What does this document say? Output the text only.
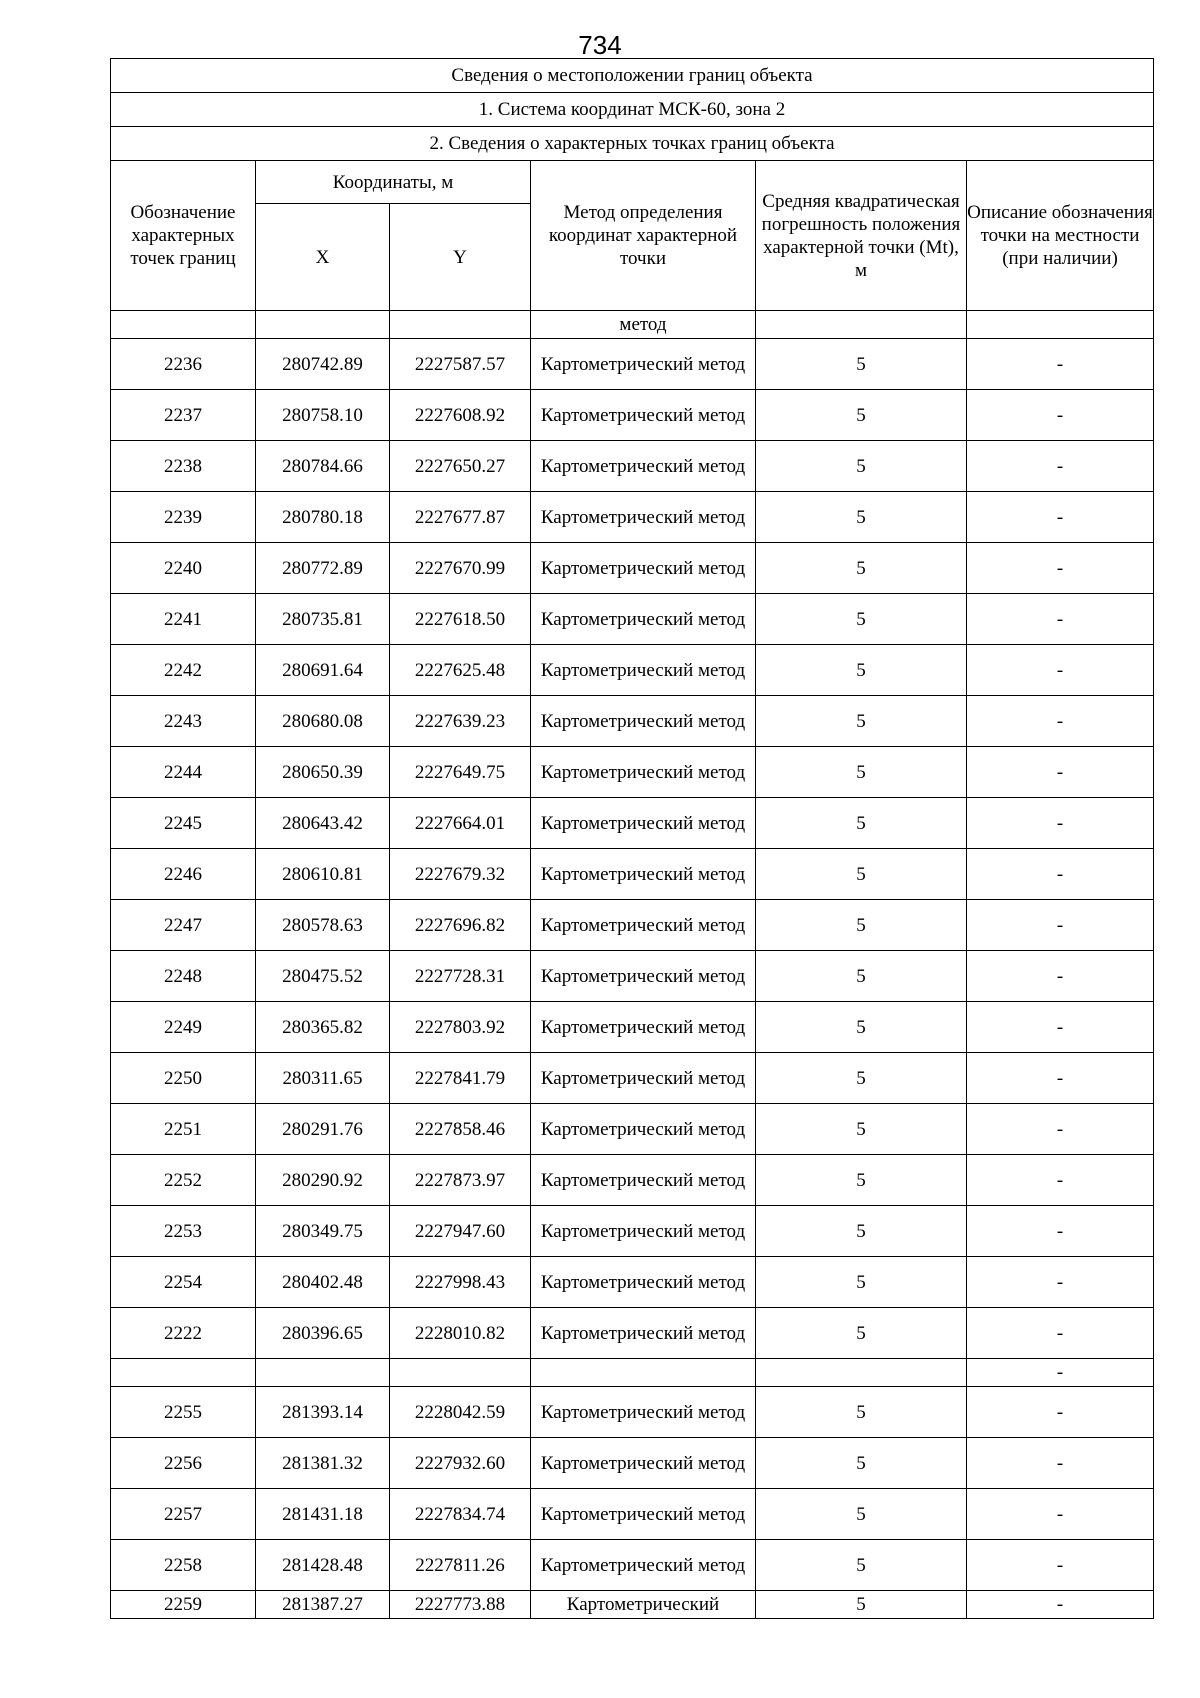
734
Сведения о местоположении границ объекта					
1. Система координат МСК-60, зона 2					
2. Сведения о характерных точках границ объекта					
Обозначение характерных точек границ	Координаты, м		Метод определения координат характерной точки	Средняя квадратическая погрешность положения характерной точки (Mt), м	Описание обозначения точки на местности (при наличии)
	X	Y			
			метод		
2236	280742.89	2227587.57	Картометрический метод	5	-
2237	280758.10	2227608.92	Картометрический метод	5	-
2238	280784.66	2227650.27	Картометрический метод	5	-
2239	280780.18	2227677.87	Картометрический метод	5	-
2240	280772.89	2227670.99	Картометрический метод	5	-
2241	280735.81	2227618.50	Картометрический метод	5	-
2242	280691.64	2227625.48	Картометрический метод	5	-
2243	280680.08	2227639.23	Картометрический метод	5	-
2244	280650.39	2227649.75	Картометрический метод	5	-
2245	280643.42	2227664.01	Картометрический метод	5	-
2246	280610.81	2227679.32	Картометрический метод	5	-
2247	280578.63	2227696.82	Картометрический метод	5	-
2248	280475.52	2227728.31	Картометрический метод	5	-
2249	280365.82	2227803.92	Картометрический метод	5	-
2250	280311.65	2227841.79	Картометрический метод	5	-
2251	280291.76	2227858.46	Картометрический метод	5	-
2252	280290.92	2227873.97	Картометрический метод	5	-
2253	280349.75	2227947.60	Картометрический метод	5	-
2254	280402.48	2227998.43	Картометрический метод	5	-
2222	280396.65	2228010.82	Картометрический метод	5	-
					-
2255	281393.14	2228042.59	Картометрический метод	5	-
2256	281381.32	2227932.60	Картометрический метод	5	-
2257	281431.18	2227834.74	Картометрический метод	5	-
2258	281428.48	2227811.26	Картометрический метод	5	-
2259	281387.27	2227773.88	Картометрический	5	-
